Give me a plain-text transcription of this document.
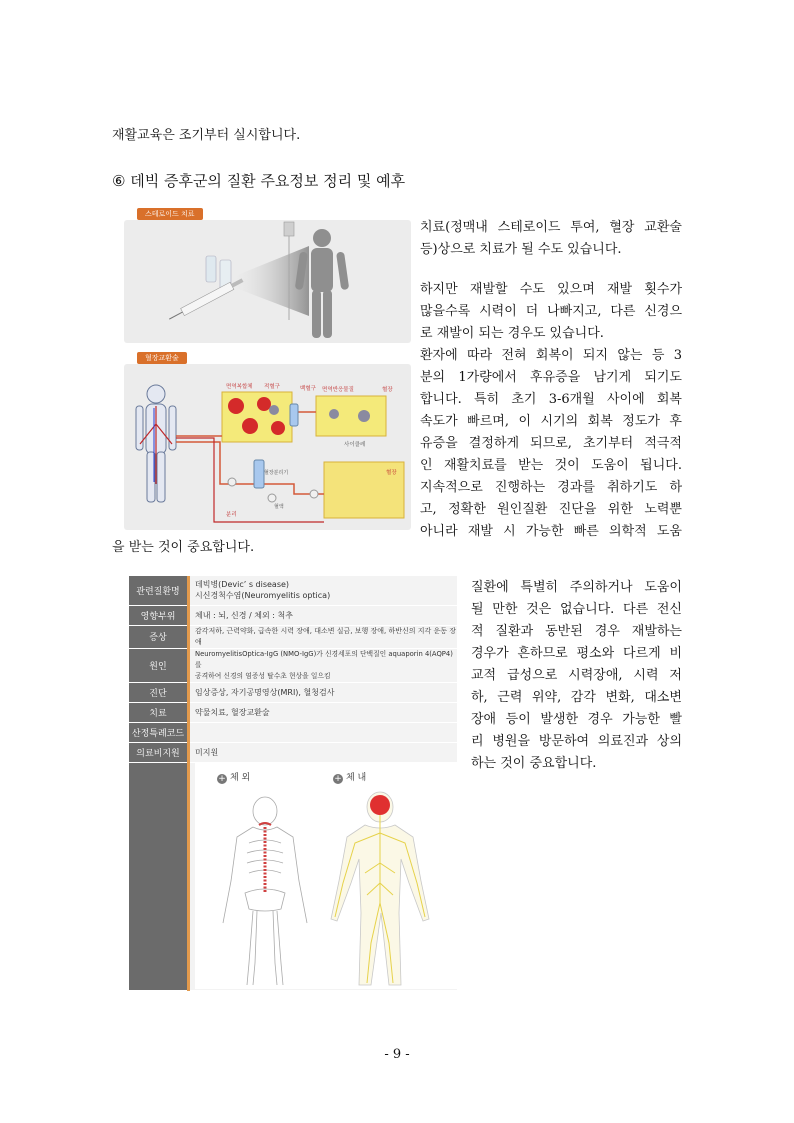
재활교육은 조기부터 실시합니다.
⑥ 데빅 증후군의 질환 주요정보 정리 및 예후
스테로이드 치료
혈장교환술
면역복합체 적혈구	백혈구 면역반응물질	혈장
사이클레
혈장분리기
혈액
분리
혈장
치료(정맥내 스테로이드 투여, 혈장 교환술
등)상으로 치료가 될 수도 있습니다.
하지만 재발할 수도 있으며 재발 횟수가
많을수록 시력이 더 나빠지고, 다른 신경으
로 재발이 되는 경우도 있습니다.
환자에 따라 전혀 회복이 되지 않는 등 3
분의 1가량에서 후유증을 남기게 되기도
합니다. 특히 초기 3-6개월 사이에 회복
속도가 빠르며, 이 시기의 회복 정도가 후
유증을 결정하게 되므로, 초기부터 적극적
인 재활치료를 받는 것이 도움이 됩니다.
지속적으로 진행하는 경과를 취하기도 하
고, 정확한 원인질환 진단을 위한 노력뿐
아니라 재발 시 가능한 빠른 의학적 도움
을 받는 것이 중요합니다.
관련질환명	데빅병(Devic’ s disease)
시신경척수염(Neuromyelitis optica)

영향부위	체내 : 뇌, 신경 / 체외 : 척추
증상	감각저하, 근력약화, 급속한 시력 장애, 대소변 실금, 보행 장애, 하반신의 지각 운동 장애
원인	NeuromyelitisOptica-IgG (NMO-IgG)가 신경세포의 단백질인 aquaporin 4(AQP4)를
공격하여 신경의 염증성 탈수초 현상을 일으킴

진단	임상증상, 자기공명영상(MRI), 혈청검사
치료	약물치료, 혈장교환술
산정특례코드	
의료비지원	미지원

	+ 체 외 + 체 내
질환에 특별히 주의하거나 도움이
될 만한 것은 없습니다. 다른 전신
적 질환과 동반된 경우 재발하는
경우가 흔하므로 평소와 다르게 비
교적 급성으로 시력장애, 시력 저
하, 근력 위약, 감각 변화, 대소변
장애 등이 발생한 경우 가능한 빨
리 병원을 방문하여 의료진과 상의
하는 것이 중요합니다.
- 9 -
